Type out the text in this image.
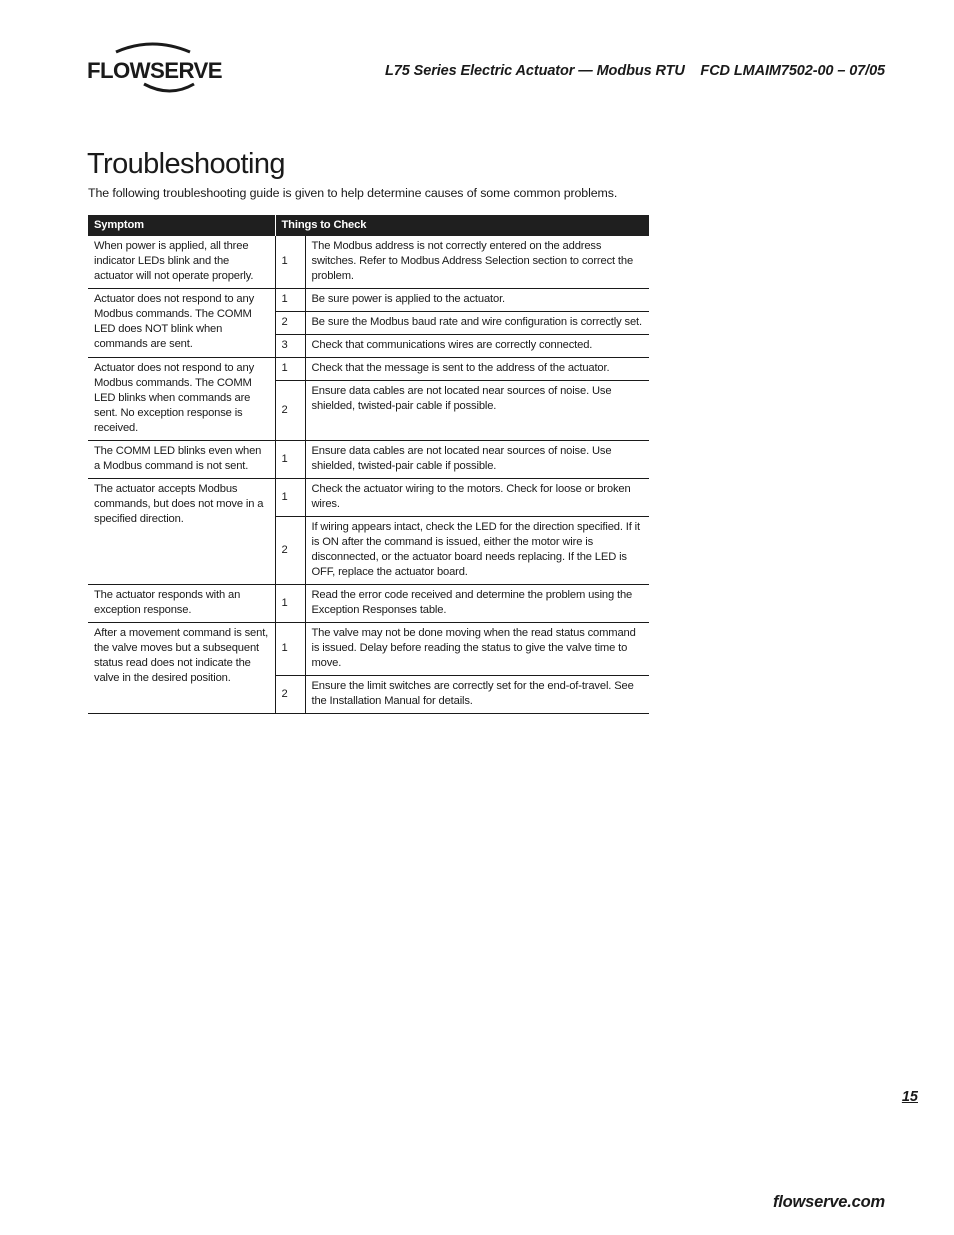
FLOWSERVE	L75 Series Electric Actuator — Modbus RTU    FCD LMAIM7502-00 – 07/05
Troubleshooting

The following troubleshooting guide is given to help determine causes of some common problems.

Symptom	Things to Check	
When power is applied, all three indicator LEDs blink and the actuator will not operate properly.	1	The Modbus address is not correctly entered on the address switches. Refer to Modbus Address Selection section to correct the problem.
Actuator does not respond to any Modbus commands. The COMM LED does NOT blink when commands are sent.	1	Be sure power is applied to the actuator.
	2	Be sure the Modbus baud rate and wire configuration is correctly set.
	3	Check that communications wires are correctly connected.
Actuator does not respond to any Modbus commands. The COMM LED blinks when commands are sent. No exception response is received.	1	Check that the message is sent to the address of the actuator.
	2	Ensure data cables are not located near sources of noise. Use shielded, twisted-pair cable if possible.
The COMM LED blinks even when a Modbus command is not sent.	1	Ensure data cables are not located near sources of noise. Use shielded, twisted-pair cable if possible.
The actuator accepts Modbus commands, but does not move in a specified direction.	1	Check the actuator wiring to the motors. Check for loose or broken wires.
	2	If wiring appears intact, check the LED for the direction specified. If it is ON after the command is issued, either the motor wire is disconnected, or the actuator board needs replacing. If the LED is OFF, replace the actuator board.
The actuator responds with an exception response.	1	Read the error code received and determine the problem using the Exception Responses table.
After a movement command is sent, the valve moves but a subsequent status read does not indicate the valve in the desired position.	1	The valve may not be done moving when the read status command is issued. Delay before reading the status to give the valve time to move.
	2	Ensure the limit switches are correctly set for the end-of-travel. See the Installation Manual for details.
15
flowserve.com
